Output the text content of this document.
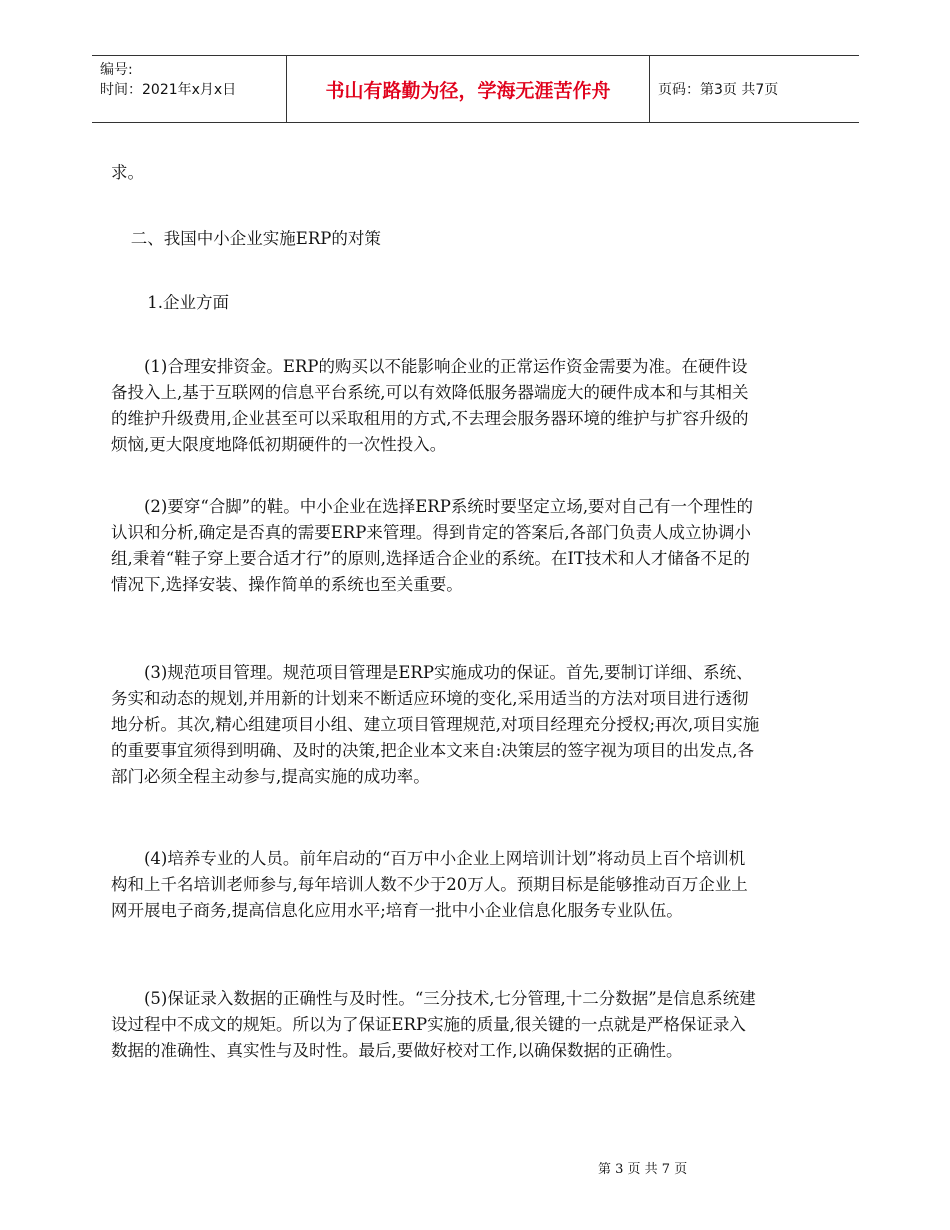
编号:
时间：2021年x月x日	书山有路勤为径，学海无涯苦作舟	页码：第3页 共7页

求。

二、我国中小企业实施ERP的对策

1.企业方面

(1)合理安排资金。ERP的购买以不能影响企业的正常运作资金需要为准。在硬件设备投入上,基于互联网的信息平台系统,可以有效降低服务器端庞大的硬件成本和与其相关的维护升级费用,企业甚至可以采取租用的方式,不去理会服务器环境的维护与扩容升级的烦恼,更大限度地降低初期硬件的一次性投入。

(2)要穿“合脚”的鞋。中小企业在选择ERP系统时要坚定立场,要对自己有一个理性的认识和分析,确定是否真的需要ERP来管理。得到肯定的答案后,各部门负责人成立协调小组,秉着“鞋子穿上要合适才行”的原则,选择适合企业的系统。在IT技术和人才储备不足的情况下,选择安装、操作简单的系统也至关重要。

(3)规范项目管理。规范项目管理是ERP实施成功的保证。首先,要制订详细、系统、务实和动态的规划,并用新的计划来不断适应环境的变化,采用适当的方法对项目进行透彻地分析。其次,精心组建项目小组、建立项目管理规范,对项目经理充分授权;再次,项目实施的重要事宜须得到明确、及时的决策,把企业本文来自:决策层的签字视为项目的出发点,各部门必须全程主动参与,提高实施的成功率。

(4)培养专业的人员。前年启动的“百万中小企业上网培训计划”将动员上百个培训机构和上千名培训老师参与,每年培训人数不少于20万人。预期目标是能够推动百万企业上网开展电子商务,提高信息化应用水平;培育一批中小企业信息化服务专业队伍。

(5)保证录入数据的正确性与及时性。“三分技术,七分管理,十二分数据”是信息系统建设过程中不成文的规矩。所以为了保证ERP实施的质量,很关键的一点就是严格保证录入数据的准确性、真实性与及时性。最后,要做好校对工作,以确保数据的正确性。

第 3 页 共 7 页
